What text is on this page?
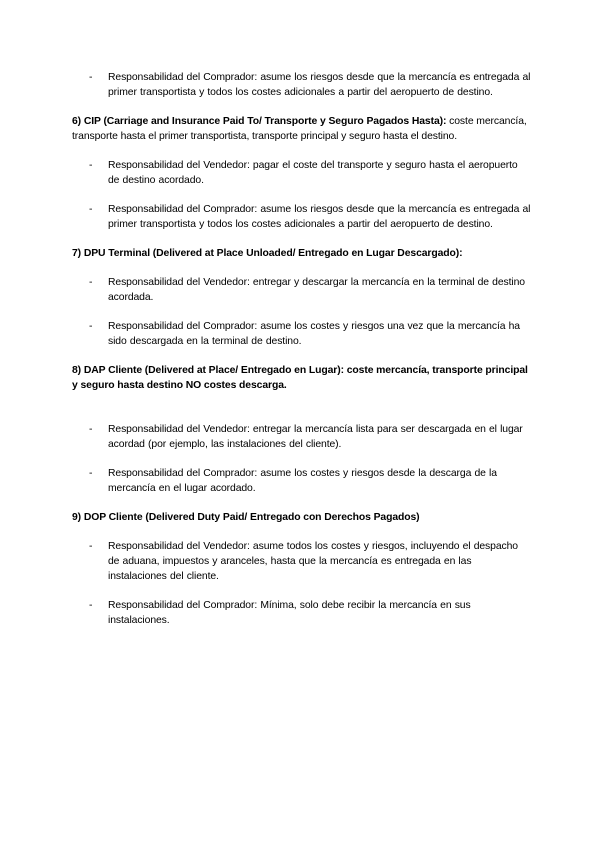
- Responsabilidad del Comprador: asume los riesgos desde que la mercancía es entregada al primer transportista y todos los costes adicionales a partir del aeropuerto de destino.
6) CIP (Carriage and Insurance Paid To/ Transporte y Seguro Pagados Hasta): coste mercancía, transporte hasta el primer transportista, transporte principal y seguro hasta el destino.
- Responsabilidad del Vendedor: pagar el coste del transporte y seguro hasta el aeropuerto de destino acordado.
- Responsabilidad del Comprador: asume los riesgos desde que la mercancía es entregada al primer transportista y todos los costes adicionales a partir del aeropuerto de destino.
7) DPU Terminal (Delivered at Place Unloaded/ Entregado en Lugar Descargado):
- Responsabilidad del Vendedor: entregar y descargar la mercancía en la terminal de destino acordada.
- Responsabilidad del Comprador: asume los costes y riesgos una vez que la mercancía ha sido descargada en la terminal de destino.
8) DAP Cliente (Delivered at Place/ Entregado en Lugar): coste mercancía, transporte principal y seguro hasta destino NO costes descarga.
- Responsabilidad del Vendedor: entregar la mercancía lista para ser descargada en el lugar acordad (por ejemplo, las instalaciones del cliente).
- Responsabilidad del Comprador: asume los costes y riesgos desde la descarga de la mercancía en el lugar acordado.
9) DOP Cliente (Delivered Duty Paid/ Entregado con Derechos Pagados)
- Responsabilidad del Vendedor: asume todos los costes y riesgos, incluyendo el despacho de aduana, impuestos y aranceles, hasta que la mercancía es entregada en las instalaciones del cliente.
- Responsabilidad del Comprador: Mínima, solo debe recibir la mercancía en sus instalaciones.
